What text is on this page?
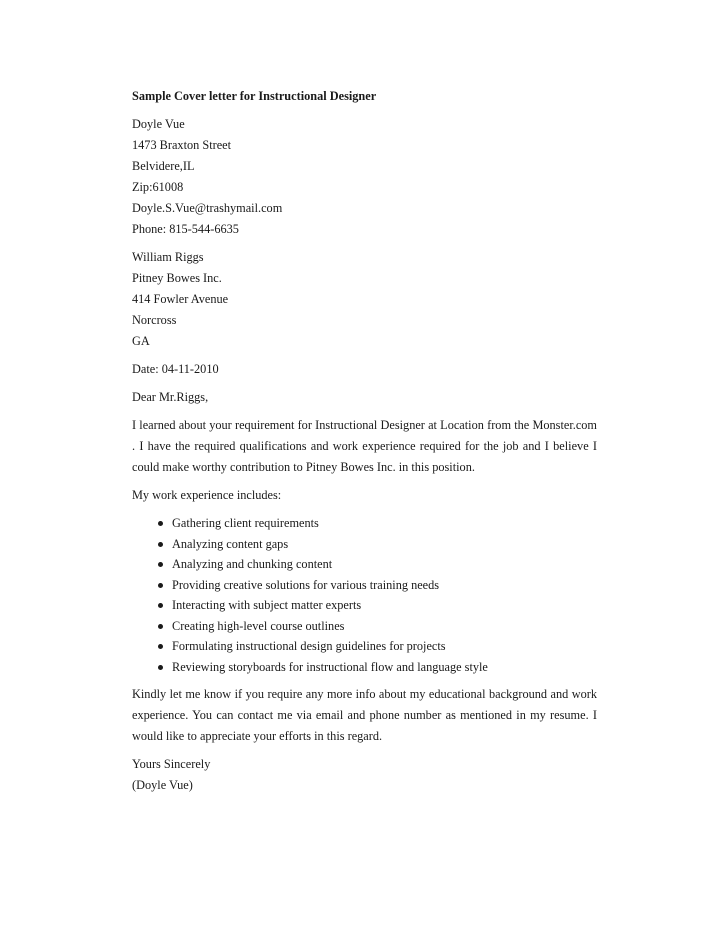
Sample Cover letter for Instructional Designer
Doyle Vue
1473 Braxton Street
Belvidere,IL
Zip:61008
Doyle.S.Vue@trashymail.com
Phone: 815-544-6635
William Riggs
Pitney Bowes Inc.
414 Fowler Avenue
Norcross
GA
Date: 04-11-2010
Dear Mr.Riggs,

I learned about your requirement for Instructional Designer at Location from the Monster.com . I have the required qualifications and work experience required for the job and I believe I could make worthy contribution to Pitney Bowes Inc. in this position.

My work experience includes:
Gathering client requirements
Analyzing content gaps
Analyzing and chunking content
Providing creative solutions for various training needs
Interacting with subject matter experts
Creating high-level course outlines
Formulating instructional design guidelines for projects
Reviewing storyboards for instructional flow and language style

Kindly let me know if you require any more info about my educational background and work experience. You can contact me via email and phone number as mentioned in my resume. I would like to appreciate your efforts in this regard.

Yours Sincerely
(Doyle Vue)
